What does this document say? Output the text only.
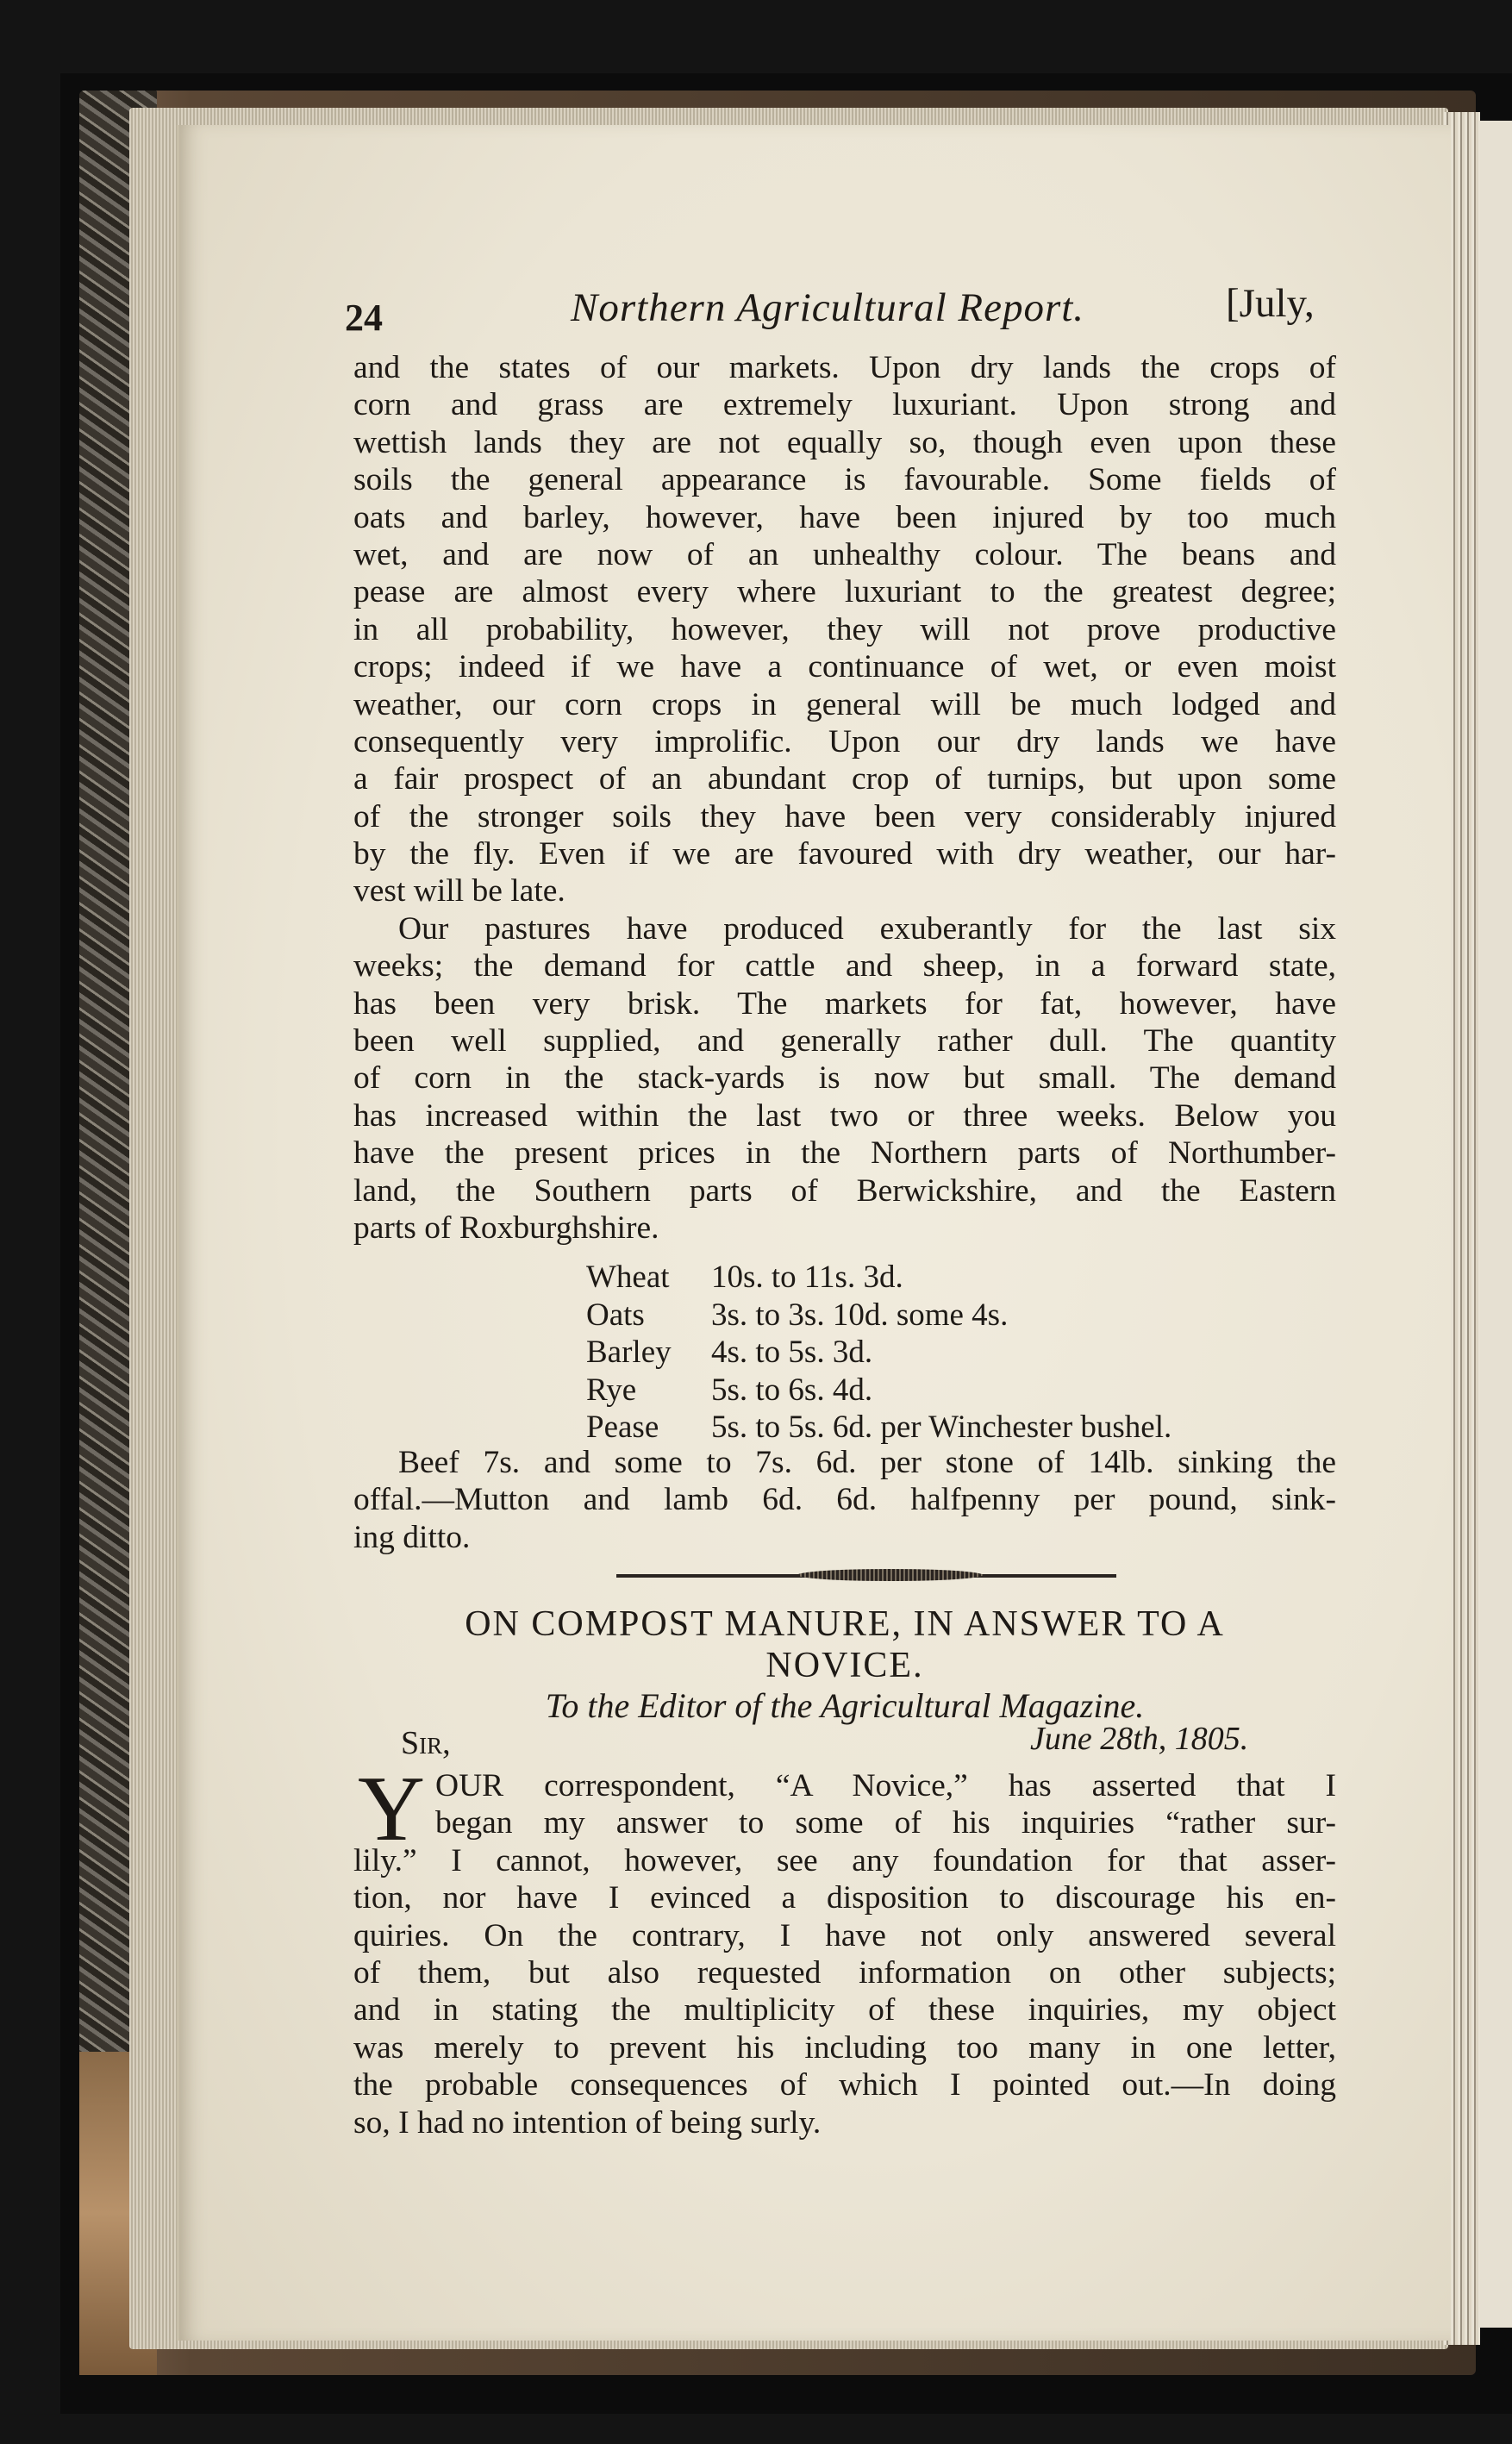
24	Northern Agricultural Report.	[July,
and the states of our markets. Upon dry lands the crops of
corn and grass are extremely luxuriant. Upon strong and
wettish lands they are not equally so, though even upon these
soils the general appearance is favourable. Some fields of
oats and barley, however, have been injured by too much
wet, and are now of an unhealthy colour. The beans and
pease are almost every where luxuriant to the greatest degree;
in all probability, however, they will not prove productive
crops; indeed if we have a continuance of wet, or even moist
weather, our corn crops in general will be much lodged and
consequently very improlific. Upon our dry lands we have
a fair prospect of an abundant crop of turnips, but upon some
of the stronger soils they have been very considerably injured
by the fly. Even if we are favoured with dry weather, our har-
vest will be late.
Our pastures have produced exuberantly for the last six
weeks; the demand for cattle and sheep, in a forward state,
has been very brisk. The markets for fat, however, have
been well supplied, and generally rather dull. The quantity
of corn in the stack-yards is now but small. The demand
has increased within the last two or three weeks. Below you
have the present prices in the Northern parts of Northumber-
land, the Southern parts of Berwickshire, and the Eastern
parts of Roxburghshire.
Wheat 10s. to 11s. 3d.
Oats 3s. to 3s. 10d. some 4s.
Barley 4s. to 5s. 3d.
Rye 5s. to 6s. 4d.
Pease 5s. to 5s. 6d. per Winchester bushel.
Beef 7s. and some to 7s. 6d. per stone of 14lb. sinking the
offal.—Mutton and lamb 6d. 6d. halfpenny per pound, sink-
ing ditto.
ON COMPOST MANURE, IN ANSWER TO A
NOVICE.
To the Editor of the Agricultural Magazine.
Sir,	June 28th, 1805.
Y OUR correspondent, “A Novice,” has asserted that I
began my answer to some of his inquiries “rather sur-
lily.” I cannot, however, see any foundation for that asser-
tion, nor have I evinced a disposition to discourage his en-
quiries. On the contrary, I have not only answered several
of them, but also requested information on other subjects;
and in stating the multiplicity of these inquiries, my object
was merely to prevent his including too many in one letter,
the probable consequences of which I pointed out.—In doing
so, I had no intention of being surly.
